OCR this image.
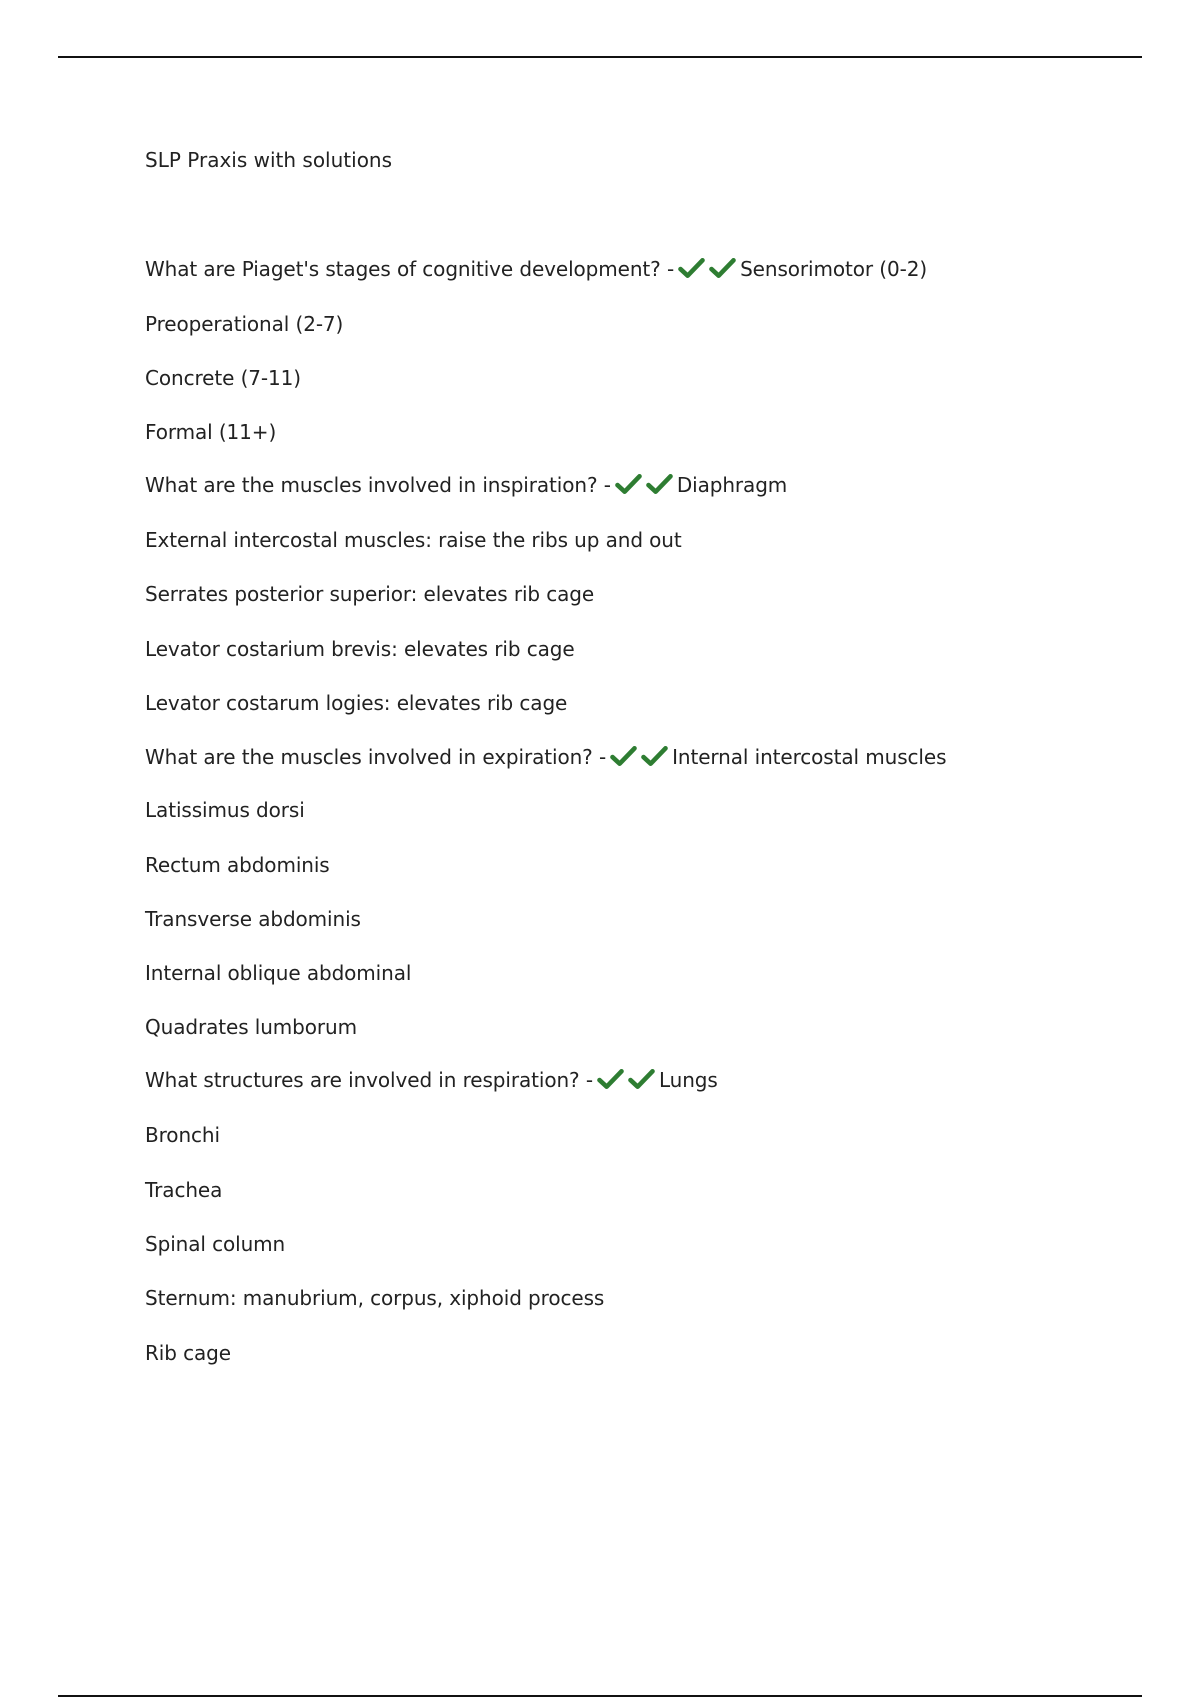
SLP Praxis with solutions
What are Piaget's stages of cognitive development? -	Sensorimotor (0-2)
Preoperational (2-7)
Concrete (7-11)
Formal (11+)
What are the muscles involved in inspiration? -	Diaphragm
External intercostal muscles: raise the ribs up and out
Serrates posterior superior: elevates rib cage
Levator costarium brevis: elevates rib cage
Levator costarum logies: elevates rib cage
What are the muscles involved in expiration? -	Internal intercostal muscles
Latissimus dorsi
Rectum abdominis
Transverse abdominis
Internal oblique abdominal
Quadrates lumborum
What structures are involved in respiration? -	Lungs
Bronchi
Trachea
Spinal column
Sternum: manubrium, corpus, xiphoid process
Rib cage
